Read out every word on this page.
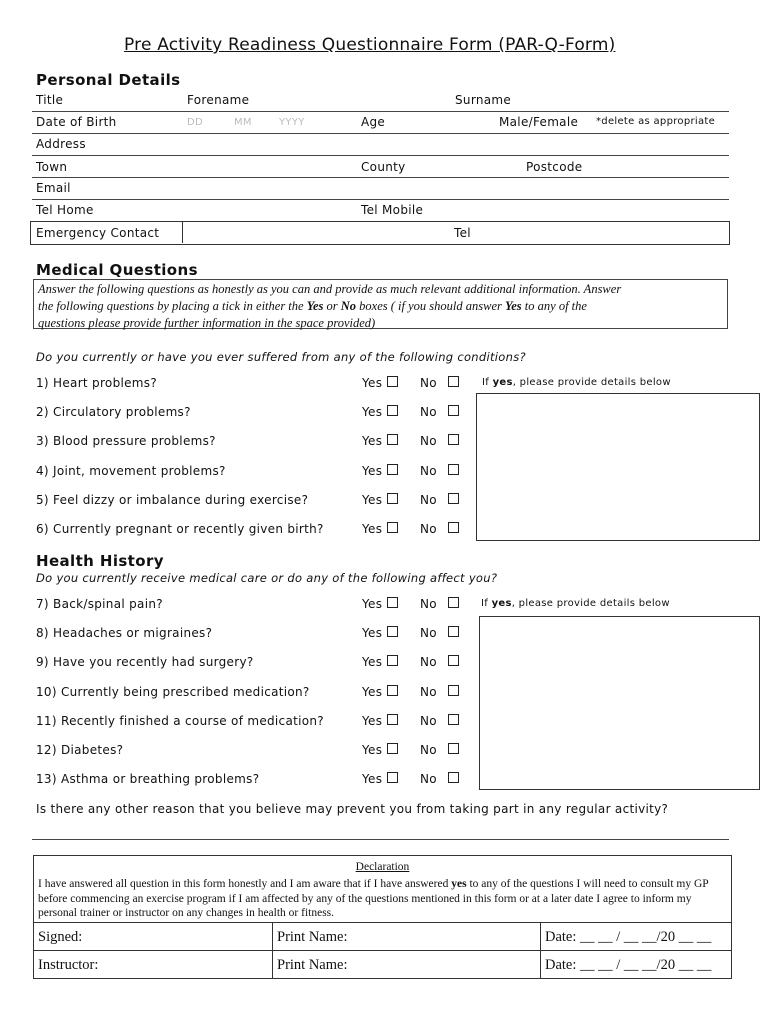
Pre Activity Readiness Questionnaire Form (PAR-Q-Form)
Personal Details
Title	Forename	Surname
Date of Birth	DD	MM	YYYY	Age	Male/Female *delete as appropriate
Address
Town	County	Postcode
Email
Tel Home	Tel Mobile
Emergency Contact	Tel
Medical Questions
Answer the following questions as honestly as you can and provide as much relevant additional information. Answer
the following questions by placing a tick in either the Yes or No boxes ( if you should answer Yes to any of the
questions please provide further information in the space provided)
Do you currently or have you ever suffered from any of the following conditions?
1) Heart problems?	Yes	No
2) Circulatory problems?	Yes	No
3) Blood pressure problems?	Yes	No
4) Joint, movement problems?	Yes	No
5) Feel dizzy or imbalance during exercise?	Yes	No
6) Currently pregnant or recently given birth?	Yes	No
If yes, please provide details below
Health History
Do you currently receive medical care or do any of the following affect you?
7) Back/spinal pain?	Yes	No
8) Headaches or migraines?	Yes	No
9) Have you recently had surgery?	Yes	No
10) Currently being prescribed medication?	Yes	No
11) Recently finished a course of medication?	Yes	No
12) Diabetes?	Yes	No
13) Asthma or breathing problems?	Yes	No
If yes, please provide details below
Is there any other reason that you believe may prevent you from taking part in any regular activity?
Declaration
I have answered all question in this form honestly and I am aware that if I have answered yes to any of the questions I will need to consult my GP before commencing an exercise program if I am affected by any of the questions mentioned in this form or at a later date I agree to inform my personal trainer or instructor on any changes in health or fitness.
Signed:	Print Name:	Date: __ __ / __ __/20 __ __
Instructor:	Print Name:	Date: __ __ / __ __/20 __ __
